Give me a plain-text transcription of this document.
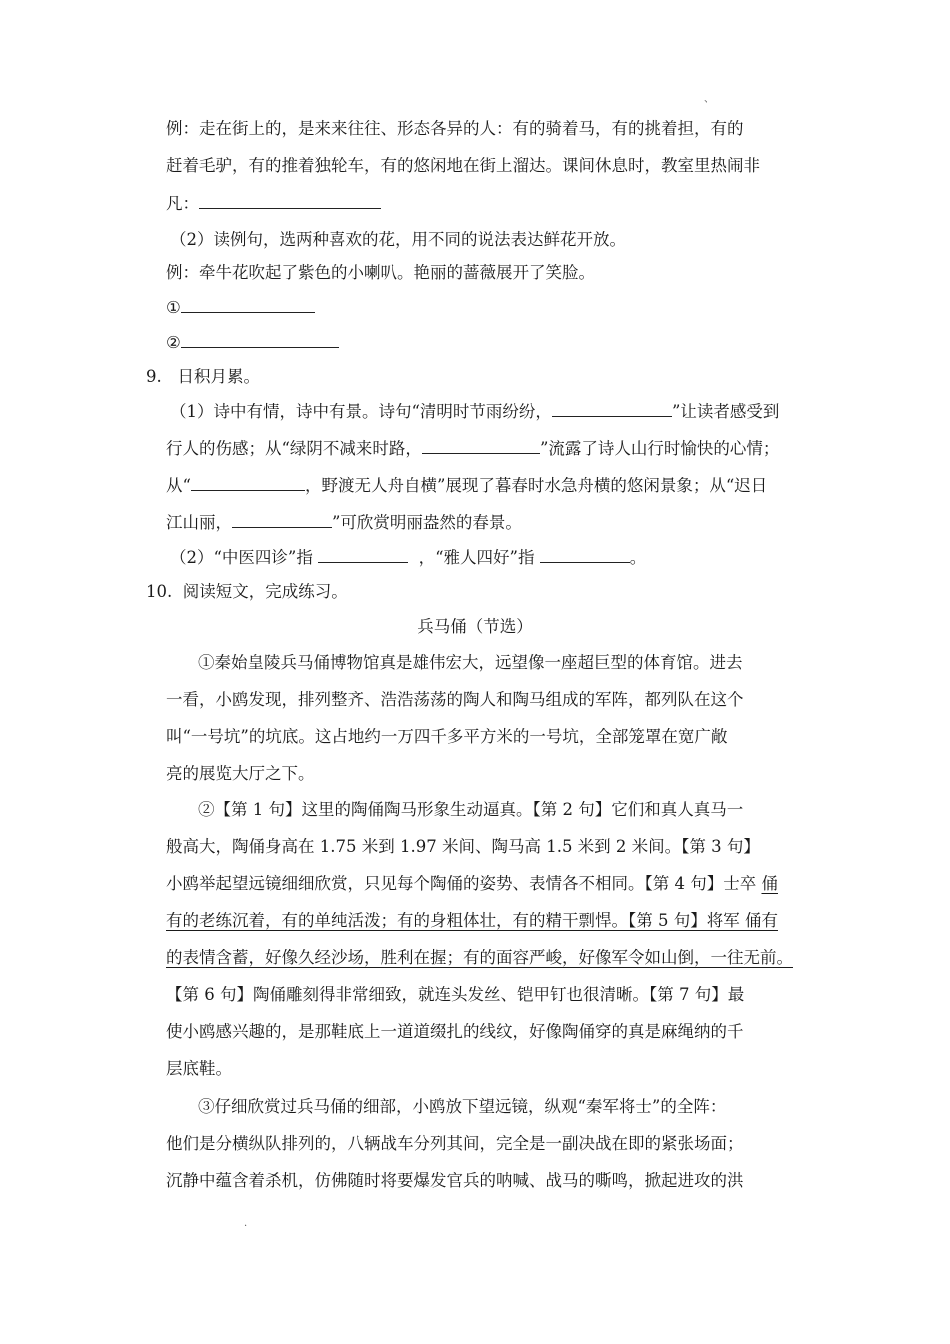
、
例：走在街上的，是来来往往、形态各异的人：有的骑着马，有的挑着担，有的
赶着毛驴，有的推着独轮车，有的悠闲地在街上溜达。课间休息时，教室里热闹非
凡：
（2）读例句，选两种喜欢的花，用不同的说法表达鲜花开放。
例：牵牛花吹起了紫色的小喇叭。艳丽的蔷薇展开了笑脸。
①
②
9. 日积月累。
（1）诗中有情，诗中有景。诗句“清明时节雨纷纷，	”让读者感受到
行人的伤感；从“绿阴不减来时路，	”流露了诗人山行时愉快的心情；
从“	，野渡无人舟自横”展现了暮春时水急舟横的悠闲景象；从“迟日
江山丽，	”可欣赏明丽盎然的春景。
（2）“中医四诊”指	，“雅人四好”指	。
10. 阅读短文，完成练习。
兵马俑（节选）
①秦始皇陵兵马俑博物馆真是雄伟宏大，远望像一座超巨型的体育馆。进去
一看，小鸥发现，排列整齐、浩浩荡荡的陶人和陶马组成的军阵，都列队在这个
叫“一号坑”的坑底。这占地约一万四千多平方米的一号坑，全部笼罩在宽广敞
亮的展览大厅之下。
②【第 1 句】这里的陶俑陶马形象生动逼真。【第 2 句】它们和真人真马一
般高大，陶俑身高在 1.75 米到 1.97 米间、陶马高 1.5 米到 2 米间。【第 3 句】
小鸥举起望远镜细细欣赏，只见每个陶俑的姿势、表情各不相同。【第 4 句】士卒 俑
有的老练沉着，有的单纯活泼；有的身粗体壮，有的精干剽悍。【第 5 句】将军 俑有
的表情含蓄，好像久经沙场，胜利在握；有的面容严峻，好像军令如山倒，一往无前。
【第 6 句】陶俑雕刻得非常细致，就连头发丝、铠甲钉也很清晰。【第 7 句】最
使小鸥感兴趣的，是那鞋底上一道道缀扎的线纹，好像陶俑穿的真是麻绳纳的千
层底鞋。
③仔细欣赏过兵马俑的细部，小鸥放下望远镜，纵观“秦军将士”的全阵：
他们是分横纵队排列的，八辆战车分列其间，完全是一副决战在即的紧张场面；
沉静中蕴含着杀机，仿佛随时将要爆发官兵的呐喊、战马的嘶鸣，掀起进攻的洪
.
